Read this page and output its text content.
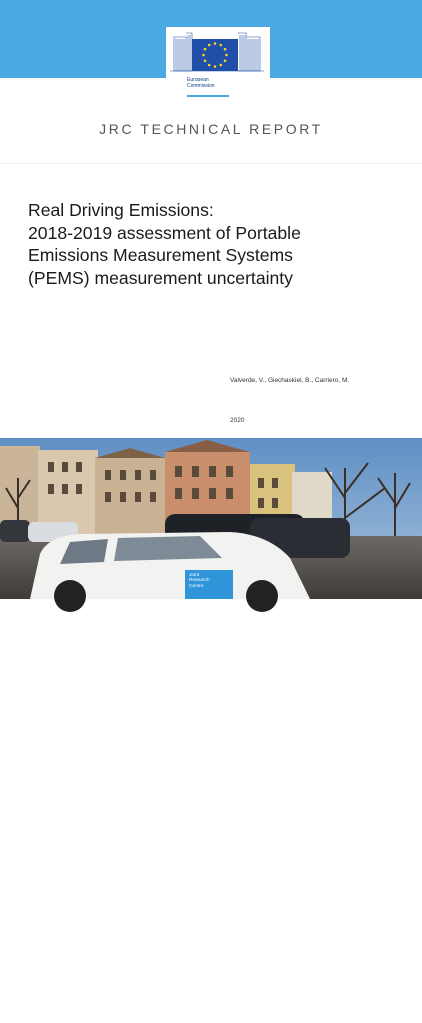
European
Commission
JRC TECHNICAL REPORT
Real Driving Emissions:
2018-2019 assessment of Portable
Emissions Measurement Systems
(PEMS) measurement uncertainty
Valverde, V., Giechaskiel, B., Carriero, M.
2020
EUR 30099 EN
Joint
Research
Centre
